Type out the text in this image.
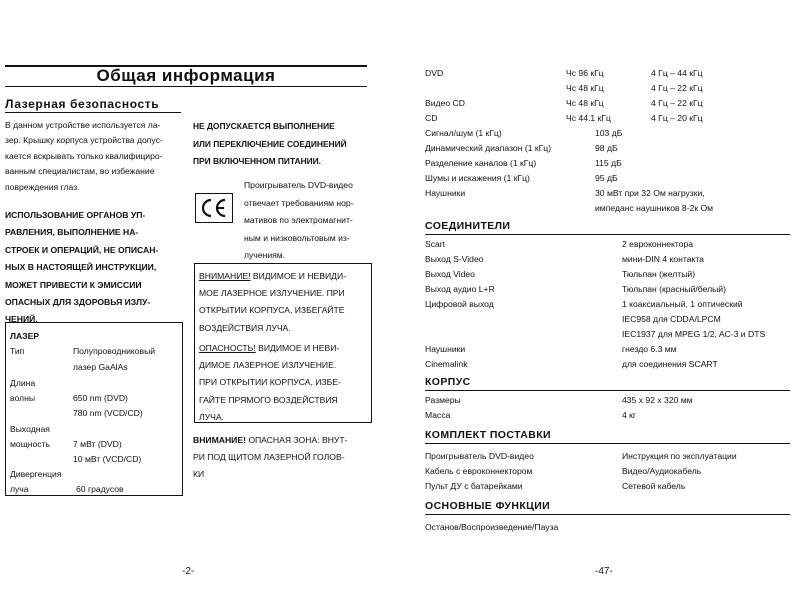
Общая информация
Лазерная безопасность
В данном устройстве используется ла-
зер. Крышку корпуса устройства допус-
кается вскрывать только квалифициро-
ванным специалистам, во избежание
повреждения глаз.
ИСПОЛЬЗОВАНИЕ ОРГАНОВ УП-
РАВЛЕНИЯ, ВЫПОЛНЕНИЕ НА-
СТРОЕК И ОПЕРАЦИЙ, НЕ ОПИСАН-
НЫХ В НАСТОЯЩЕЙ ИНСТРУКЦИИ,
МОЖЕТ ПРИВЕСТИ К ЭМИССИИ
ОПАСНЫХ ДЛЯ ЗДОРОВЬЯ ИЗЛУ-
ЧЕНИЙ.
ЛАЗЕР
Тип	Полупроводниковый
лазер GaAlAs
Длина
волны	650 nm (DVD)
780 nm (VCD/CD)
Выходная
мощность	7 мВт (DVD)
10 мВт (VCD/CD)
Дивергенция
луча	60 градусов
НЕ ДОПУСКАЕТСЯ ВЫПОЛНЕНИЕ
ИЛИ ПЕРЕКЛЮЧЕНИЕ СОЕДИНЕНИЙ
ПРИ ВКЛЮЧЕННОМ ПИТАНИИ.
Проигрыватель DVD-видео
отвечает требованиям нор-
мативов по электромагнит-
ным и низковольтовым из-
лучениям.
ВНИМАНИЕ! ВИДИМОЕ И НЕВИДИ-
МОЕ ЛАЗЕРНОЕ ИЗЛУЧЕНИЕ. ПРИ
ОТКРЫТИИ КОРПУСА, ИЗБЕГАЙТЕ
ВОЗДЕЙСТВИЯ ЛУЧА.
ОПАСНОСТЬ! ВИДИМОЕ И НЕВИ-
ДИМОЕ ЛАЗЕРНОЕ ИЗЛУЧЕНИЕ.
ПРИ ОТКРЫТИИ КОРПУСА, ИЗБЕ-
ГАЙТЕ ПРЯМОГО ВОЗДЕЙСТВИЯ
ЛУЧА.
ВНИМАНИЕ! ОПАСНАЯ ЗОНА: ВНУТ-
РИ ПОД ЩИТОМ ЛАЗЕРНОЙ ГОЛОВ-
КИ
-2-
DVD	Чс 96 кГц	4 Гц – 44 кГц
Чс 48 кГц	4 Гц – 22 кГц
Видео CD	Чс 48 кГц	4 Гц – 22 кГц
CD	Чс 44.1 кГц	4 Гц – 20 кГц
Сигнал/шум (1 кГц)	103 дБ
Динамический диапазон (1 кГц)	98 дБ
Разделение каналов (1 кГц)	115 дБ
Шумы и искажения (1 кГц)	95 дБ
Наушники	30 мВт при 32 Ом нагрузки,
импеданс наушников 8-2к Ом
СОЕДИНИТЕЛИ
Scart	2 евроконнектора
Выход S-Video	мини-DIN 4 контакта
Выход Video	Тюльпан (желтый)
Выход аудио L+R	Тюльпан (красный/белый)
Цифровой выход	1 коаксиальный, 1 оптический
IEC958 для CDDA/LPCM
IEC1937 для MPEG 1/2, AC-3 и DTS
Наушники	гнездо 6.3 мм
Cinemalink	для соединения SCART
КОРПУС
Размеры	435 x 92 x 320 мм
Масса	4 кг
КОМПЛЕКТ ПОСТАВКИ
Проигрыватель DVD-видео	Инструкция по эксплуатации
Кабель с евроконнектором	Видео/Аудиокабель
Пульт ДУ с батарейками	Сетевой кабель
ОСНОВНЫЕ ФУНКЦИИ
Останов/Воспроизведение/Пауза
-47-
